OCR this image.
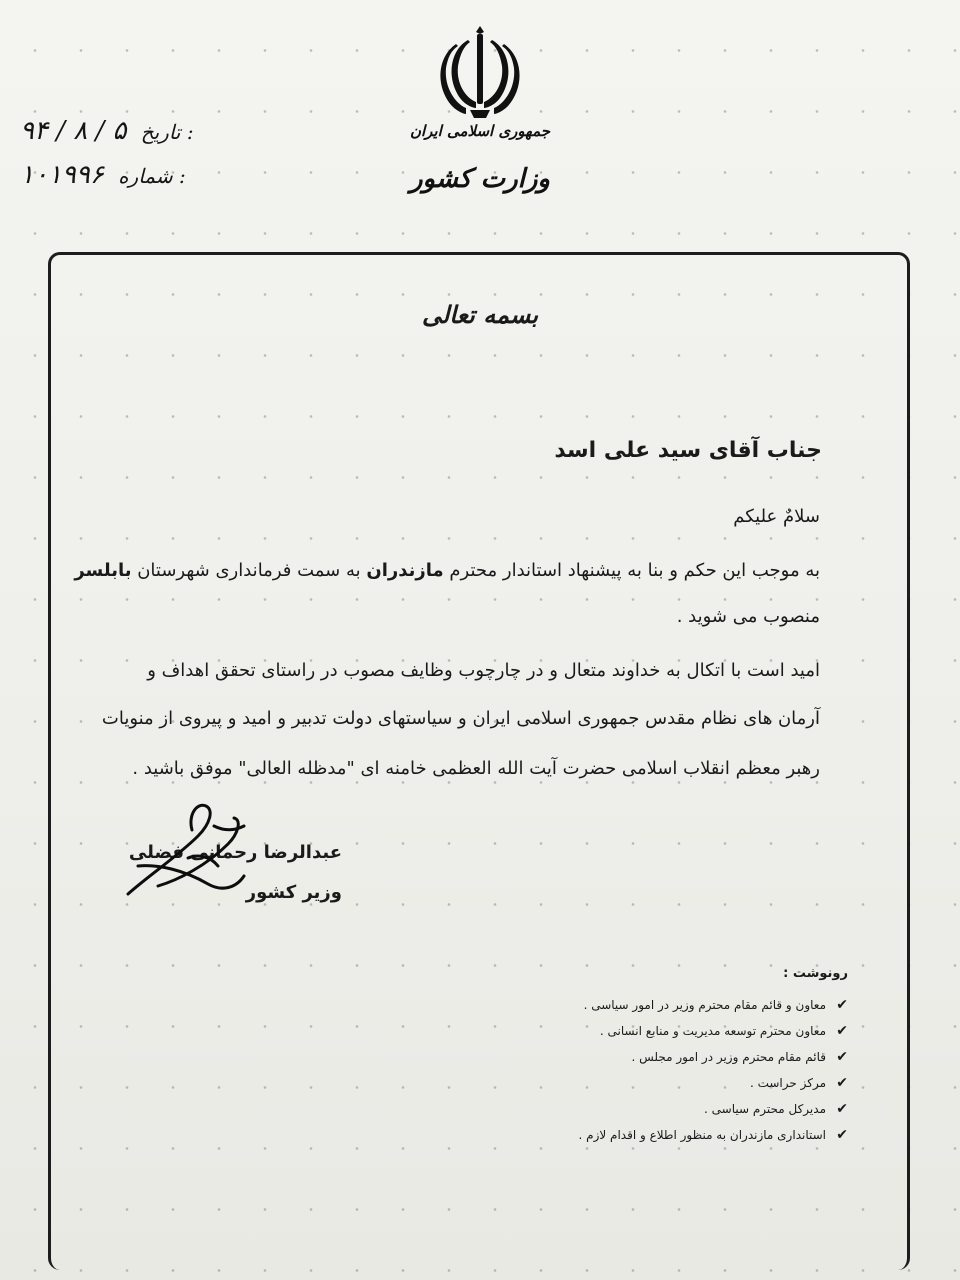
جمهوری اسلامی ایران
وزارت کشور
۹۴ / ۸ / ۵ تاریخ :
۱۰۱۹۹۶ شماره :
بسمه تعالی
جناب آقای سید علی اسد
سلامٌ علیکم
به موجب این حکم و بنا به پیشنهاد استاندار محترم مازندران به سمت فرمانداری شهرستان بابلسر
منصوب می شوید .
امید است با اتکال به خداوند متعال و در چارچوب وظایف مصوب در راستای تحقق اهداف و
آرمان های نظام مقدس جمهوری اسلامی ایران و سیاستهای دولت تدبیر و امید و پیروی از منویات
رهبر معظم انقلاب اسلامی حضرت آیت الله العظمی خامنه ای "مدظله العالی" موفق باشید .
عبدالرضا رحمانی فضلی
وزیر کشور
رونوشت :
✔معاون و قائم مقام محترم وزیر در امور سیاسی .
✔معاون محترم توسعه مدیریت و منابع انسانی .
✔قائم مقام محترم وزیر در امور مجلس .
✔مرکز حراست .
✔مدیرکل محترم سیاسی .
✔استانداری مازندران به منظور اطلاع و اقدام لازم .
